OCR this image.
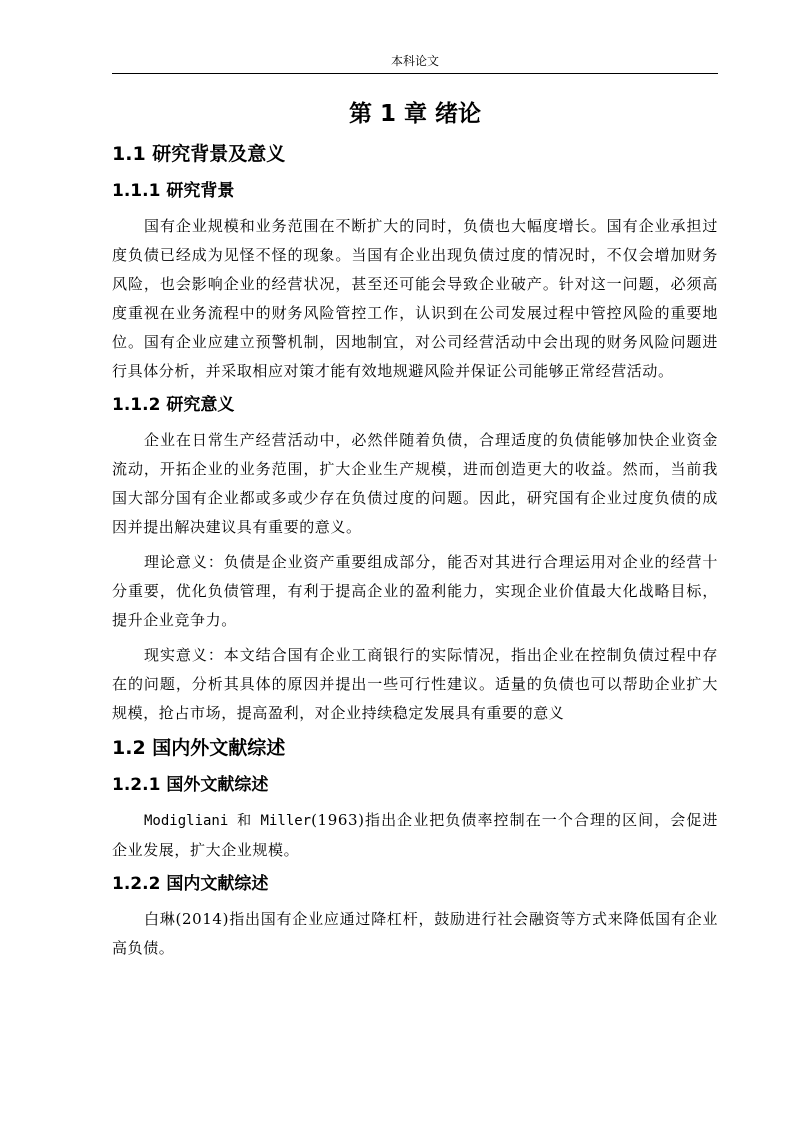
本科论文
第 1 章 绪论
1.1 研究背景及意义
1.1.1 研究背景

国有企业规模和业务范围在不断扩大的同时，负债也大幅度增长。国有企业承担过度负债已经成为见怪不怪的现象。当国有企业出现负债过度的情况时，不仅会增加财务风险，也会影响企业的经营状况，甚至还可能会导致企业破产。针对这一问题，必须高度重视在业务流程中的财务风险管控工作，认识到在公司发展过程中管控风险的重要地位。国有企业应建立预警机制，因地制宜，对公司经营活动中会出现的财务风险问题进行具体分析，并采取相应对策才能有效地规避风险并保证公司能够正常经营活动。

1.1.2 研究意义

企业在日常生产经营活动中，必然伴随着负债，合理适度的负债能够加快企业资金流动，开拓企业的业务范围，扩大企业生产规模，进而创造更大的收益。然而，当前我国大部分国有企业都或多或少存在负债过度的问题。因此，研究国有企业过度负债的成因并提出解决建议具有重要的意义。

理论意义：负债是企业资产重要组成部分，能否对其进行合理运用对企业的经营十分重要，优化负债管理，有利于提高企业的盈利能力，实现企业价值最大化战略目标，提升企业竞争力。

现实意义：本文结合国有企业工商银行的实际情况，指出企业在控制负债过程中存在的问题，分析其具体的原因并提出一些可行性建议。适量的负债也可以帮助企业扩大规模，抢占市场，提高盈利，对企业持续稳定发展具有重要的意义

1.2 国内外文献综述
1.2.1 国外文献综述

Modigliani 和 Miller(1963)指出企业把负债率控制在一个合理的区间，会促进企业发展，扩大企业规模。

1.2.2 国内文献综述

白琳(2014)指出国有企业应通过降杠杆，鼓励进行社会融资等方式来降低国有企业高负债。
